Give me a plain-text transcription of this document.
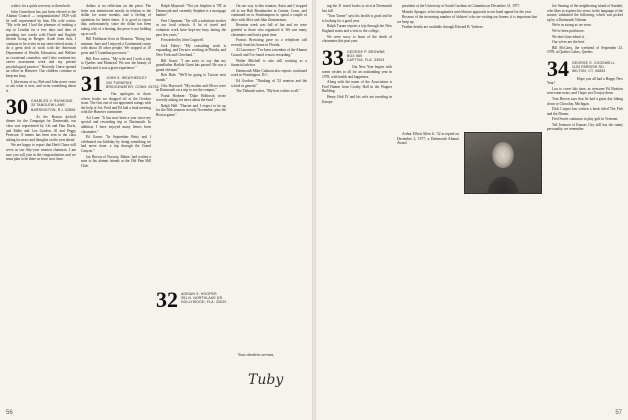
widow for a quick recovery to them both.

John Cornelison has just been elected to the Alumni Council — congratulations! 1929 will be well represented by him. His wife writes, "My wife and I had the pleasure of making a trip to London for a few days and then of spending two weeks with Dutch and English friends living in Bergen. Aside from that, I continue to be active in my semi-retired status. I do a great deal of work with the American Department of Health, Education, and Welfare as vocational counselor, and I also continue my career assessment work and my private psychological practice." Recently I have opened an office in Hanover. Our children continue to keep me busy.

I, like many of us, Bob and John never cease to ask what is new, and write something about it.

30 CHARLES V. RAYMOND
33 TANGLEW LANE
BARRINGTON, R.I. 02806

At the Boston kickoff dinner for the Campaign for Dartmouth, our class was represented by Lib and Dan Davis, and Eddie and Lou Gordon, Al and Peggy Peterson. A memo has been sent to the class asking for news and thoughts on the year ahead.

We are happy to report that Herb Chase will serve as our fifty-year reunion chairman. I am sure you will join in the congratulations and we must plan to be there in force next June.

dollars is no reflection on the piece. The letter was reminiscent mostly in relation to the dollar for some months, and a feeling of optimism for better times. It is good to report that, unfortunately, since the dollar has been taking a bit of a beating, the piece is not holding up as well.

Bill Fishburne lives in Houston. "Being last summer, June and I enjoyed a Continental cruise with about 30 other people. We stopped at 18 ports and 5 Canadian provinces."

Bill Foss writes, "My wife and I took a trip to Quebec and Montreal. We saw the beauty of Canada and it was a great experience."

31 JOHN S. WEATHERLEY
200 TURNPIKE
BRIDGEWATER, CONN. 06752

Our apologies to those whose books we dropped off at the October issue. The first one of our appointed ratings with the help of Joe. Fred and Ed had a final meeting with the Hanover committee.

Art Lane: "It has now been a year since my special and rewarding trip to Dartmouth. In addition, I have enjoyed many letters from classmates."

Ed Gonse: "In September Betty and I celebrated our birthday by doing something we had never done: a trip through the Grand Canyon."

Jay Brown of Norway, Maine, had written a note to his alumni friends at the Old Pine Hill Club.

Ralph Maynard: "Not yet Stephen is 'TR' at Dartmouth and currently Stephen is a mortgage banker."

Pete Chapman: "I'm still a substitute teacher in our local schools. A lot of travel and volunteer work have kept me busy during the past few years."

Forwarded by John Cogswell.

Jack Fabey: "My consulting work is expanding, and I'm now working in Florida, and New York and Cleveland."

Bill Grant: "I am sorry to say that my grandfather Harlide Grant has passed. He was a grand old man."

Bob Hale: "We'll be going to Tucson next month."

Otto Hayward: "My mother and Oliver were in Dartmouth on a trip to see the campus."

Frank Hodsner: "Duke Holbrook wrote recently asking for news about the fund."

Ralph Hall: "Harriet and I expect to be up for the 50th reunion in early November; plus the Brown game."

32 ADRIAN S. HOOPER
391 N. NORTHLAKE DR.
HOLLYWOOD, FLA. 33020

On our way to this reunion, Anita and I stopped off to see Bob Brombacher in Canton, Conn., and continued on to Southampton to spend a couple of days with Alice and John Zimmerman.

Reunion week was full of fun and we were grateful to those who organized it. We saw many classmates and had a great time.

Francis Browning gave us a telephone call recently from his home in Florida.

Al Lawrence: "I've been a member of the Alumni Council and I've found it most rewarding."

Walter Mitchell is also still working as a financial advisor.

Dartmouth Mike Cadman also reports continued work in Washington, D.C.

Ed Gordon: "Thinking of '32 reunion and the school in general."

The Thibault writes, "My best wishes to all."

Your obedient servant,
Tuby
56

ing the 31 travel books to visit at Dartmouth last fall.

"Tom Turner" says his health is good and he is looking for a good year.

Ralph Turner reports a trip through the New England states and a visit to the college.

We were sorry to learn of the death of classmates this past year.

33 GEORGE P. BROWNE
BOX 569
CAPTIVA, FLA. 33924

Our New Year begins with warm wishes to all for an outstanding year in 1978, with health and happiness.

Along with the name of the Association is Fred Hamm from Crosby Hall in the Wagner Building.

Henry Holt IV and his wife are traveling in Europe.

president of the University of South Carolina in Columbia on December 31, 1977.

Manolo Sprague, in his imaginative and effusive approach to our band appeal for the year.

Because of the increasing number of 'oldsters' who are visiting our homes, it is important that we keep up.

Further details are available through Edward B. Vorhees.

Arthur Elliott Allen Jr. '32 accepted on December 2, 1977, a Dartmouth Alumni Award.

Joe Searing of the neighboring island of Sanibel, who likes to express his views in the language of the mouse, submitted the following, which was picked up by a Dartmouth Tribune.

We're as strong as we were.

We've been paid more.

We don't dare admit it.

Our wives are the best.

Bill McCarty, the weekend of September 23, 1978, at Quebec Lakes, Quebec.

34 GEORGE S. COGSWELL
1100 PARRISH RD.
WILTON, CT. 06881

Hope you all had a Happy New Year!

Lou to cover this time, as treasurer Ed Buxtton sent some notes, and I hope you'll enjoy them.

Tom Brown says that he had a great day hiking down to Chocolay, Michigan.

Dick Cooper has written a book titled The Fish and the Dinner.

Fred Sweet continues to play golf in Vermont.

Ted Jemison of Kansas City still has the sunny personality we remember.

57
